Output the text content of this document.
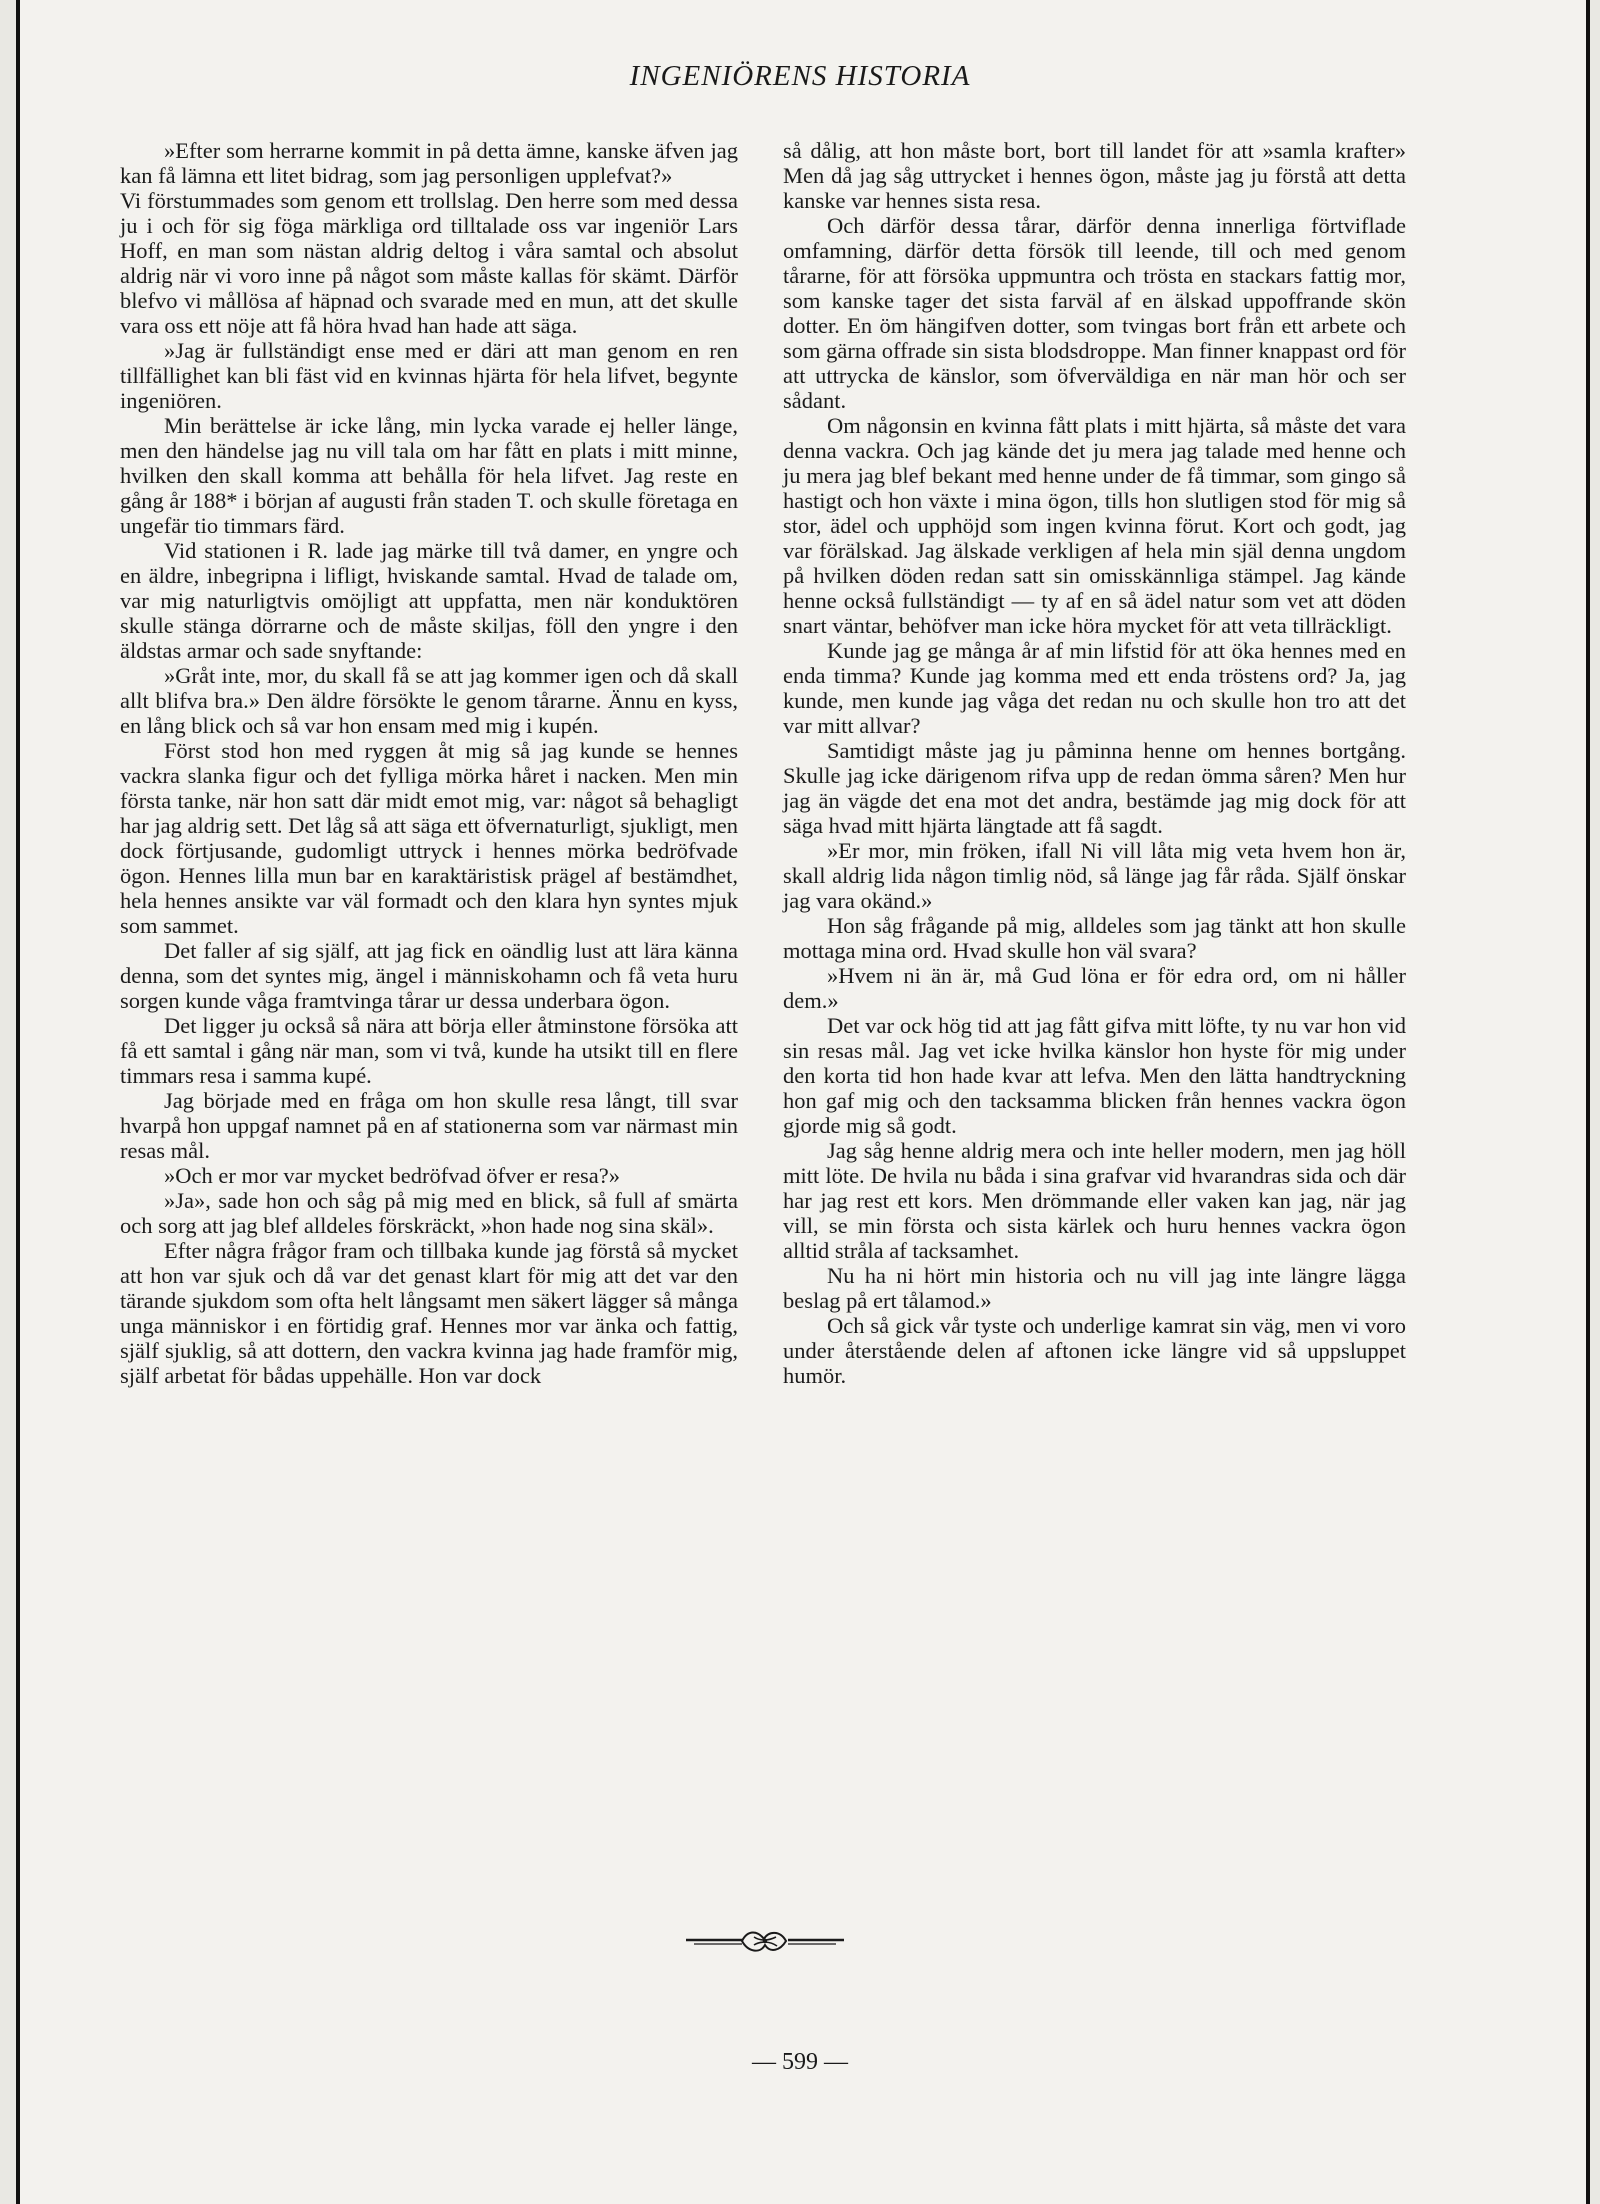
INGENIÖRENS HISTORIA

»Efter som herrarne kommit in på detta ämne, kanske äfven jag kan få lämna ett litet bidrag, som jag personligen upplefvat?»

Vi förstummades som genom ett trollslag. Den herre som med dessa ju i och för sig föga märkliga ord tilltalade oss var ingeniör Lars Hoff, en man som nästan aldrig deltog i våra samtal och absolut aldrig när vi voro inne på något som måste kallas för skämt. Därför blefvo vi mållösa af häpnad och svarade med en mun, att det skulle vara oss ett nöje att få höra hvad han hade att säga.

»Jag är fullständigt ense med er däri att man genom en ren tillfällighet kan bli fäst vid en kvinnas hjärta för hela lifvet, begynte ingeniören.

Min berättelse är icke lång, min lycka varade ej heller länge, men den händelse jag nu vill tala om har fått en plats i mitt minne, hvilken den skall komma att behålla för hela lifvet. Jag reste en gång år 188* i början af augusti från staden T. och skulle företaga en ungefär tio timmars färd.

Vid stationen i R. lade jag märke till två damer, en yngre och en äldre, inbegripna i lifligt, hviskande samtal. Hvad de talade om, var mig naturligtvis omöjligt att uppfatta, men när konduktören skulle stänga dörrarne och de måste skiljas, föll den yngre i den äldstas armar och sade snyftande:

»Gråt inte, mor, du skall få se att jag kommer igen och då skall allt blifva bra.» Den äldre försökte le genom tårarne. Ännu en kyss, en lång blick och så var hon ensam med mig i kupén.

Först stod hon med ryggen åt mig så jag kunde se hennes vackra slanka figur och det fylliga mörka håret i nacken. Men min första tanke, när hon satt där midt emot mig, var: något så behagligt har jag aldrig sett. Det låg så att säga ett öfvernaturligt, sjukligt, men dock förtjusande, gudomligt uttryck i hennes mörka bedröfvade ögon. Hennes lilla mun bar en karaktäristisk prägel af bestämdhet, hela hennes ansikte var väl formadt och den klara hyn syntes mjuk som sammet.

Det faller af sig själf, att jag fick en oändlig lust att lära känna denna, som det syntes mig, ängel i människohamn och få veta huru sorgen kunde våga framtvinga tårar ur dessa underbara ögon.

Det ligger ju också så nära att börja eller åtminstone försöka att få ett samtal i gång när man, som vi två, kunde ha utsikt till en flere timmars resa i samma kupé.

Jag började med en fråga om hon skulle resa långt, till svar hvarpå hon uppgaf namnet på en af stationerna som var närmast min resas mål.

»Och er mor var mycket bedröfvad öfver er resa?»

»Ja», sade hon och såg på mig med en blick, så full af smärta och sorg att jag blef alldeles förskräckt, »hon hade nog sina skäl».

Efter några frågor fram och tillbaka kunde jag förstå så mycket att hon var sjuk och då var det genast klart för mig att det var den tärande sjukdom som ofta helt långsamt men säkert lägger så många unga människor i en förtidig graf. Hennes mor var änka och fattig, själf sjuklig, så att dottern, den vackra kvinna jag hade framför mig, själf arbetat för bådas uppehälle. Hon var dock

så dålig, att hon måste bort, bort till landet för att »samla krafter» Men då jag såg uttrycket i hennes ögon, måste jag ju förstå att detta kanske var hennes sista resa.

Och därför dessa tårar, därför denna innerliga förtviflade omfamning, därför detta försök till leende, till och med genom tårarne, för att försöka uppmuntra och trösta en stackars fattig mor, som kanske tager det sista farväl af en älskad uppoffrande skön dotter. En öm hängifven dotter, som tvingas bort från ett arbete och som gärna offrade sin sista blodsdroppe. Man finner knappast ord för att uttrycka de känslor, som öfverväldiga en när man hör och ser sådant.

Om någonsin en kvinna fått plats i mitt hjärta, så måste det vara denna vackra. Och jag kände det ju mera jag talade med henne och ju mera jag blef bekant med henne under de få timmar, som gingo så hastigt och hon växte i mina ögon, tills hon slutligen stod för mig så stor, ädel och upphöjd som ingen kvinna förut. Kort och godt, jag var förälskad. Jag älskade verkligen af hela min själ denna ungdom på hvilken döden redan satt sin omisskännliga stämpel. Jag kände henne också fullständigt — ty af en så ädel natur som vet att döden snart väntar, behöfver man icke höra mycket för att veta tillräckligt.

Kunde jag ge många år af min lifstid för att öka hennes med en enda timma? Kunde jag komma med ett enda tröstens ord? Ja, jag kunde, men kunde jag våga det redan nu och skulle hon tro att det var mitt allvar?

Samtidigt måste jag ju påminna henne om hennes bortgång. Skulle jag icke därigenom rifva upp de redan ömma såren? Men hur jag än vägde det ena mot det andra, bestämde jag mig dock för att säga hvad mitt hjärta längtade att få sagdt.

»Er mor, min fröken, ifall Ni vill låta mig veta hvem hon är, skall aldrig lida någon timlig nöd, så länge jag får råda. Själf önskar jag vara okänd.»

Hon såg frågande på mig, alldeles som jag tänkt att hon skulle mottaga mina ord. Hvad skulle hon väl svara?

»Hvem ni än är, må Gud löna er för edra ord, om ni håller dem.»

Det var ock hög tid att jag fått gifva mitt löfte, ty nu var hon vid sin resas mål. Jag vet icke hvilka känslor hon hyste för mig under den korta tid hon hade kvar att lefva. Men den lätta handtryckning hon gaf mig och den tacksamma blicken från hennes vackra ögon gjorde mig så godt.

Jag såg henne aldrig mera och inte heller modern, men jag höll mitt löte. De hvila nu båda i sina grafvar vid hvarandras sida och där har jag rest ett kors. Men drömmande eller vaken kan jag, när jag vill, se min första och sista kärlek och huru hennes vackra ögon alltid stråla af tacksamhet.

Nu ha ni hört min historia och nu vill jag inte längre lägga beslag på ert tålamod.»

Och så gick vår tyste och underlige kamrat sin väg, men vi voro under återstående delen af aftonen icke längre vid så uppsluppet humör.

— 599 —
